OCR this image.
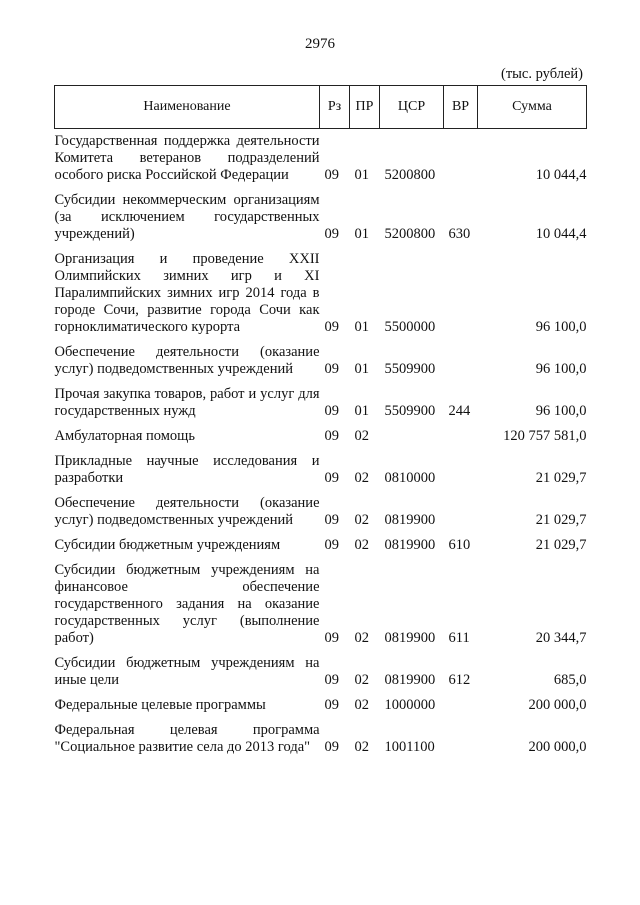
2976
(тыс. рублей)
Наименование	Рз	ПР	ЦСР	ВР	Сумма
Государственная поддержка деятельности Комитета ветеранов подразделений особого риска Российской Федерации	09	01	5200800		10 044,4
Субсидии некоммерческим организациям (за исключением государственных учреждений)	09	01	5200800	630	10 044,4
Организация и проведение XXII Олимпийских зимних игр и XI Паралимпийских зимних игр 2014 года в городе Сочи, развитие города Сочи как горноклиматического курорта	09	01	5500000		96 100,0
Обеспечение деятельности (оказание услуг) подведомственных учреждений	09	01	5509900		96 100,0
Прочая закупка товаров, работ и услуг для государственных нужд	09	01	5509900	244	96 100,0
Амбулаторная помощь	09	02			120 757 581,0
Прикладные научные исследования и разработки	09	02	0810000		21 029,7
Обеспечение деятельности (оказание услуг) подведомственных учреждений	09	02	0819900		21 029,7
Субсидии бюджетным учреждениям	09	02	0819900	610	21 029,7
Субсидии бюджетным учреждениям на финансовое обеспечение государственного задания на оказание государственных услуг (выполнение работ)	09	02	0819900	611	20 344,7
Субсидии бюджетным учреждениям на иные цели	09	02	0819900	612	685,0
Федеральные целевые программы	09	02	1000000		200 000,0
Федеральная целевая программа "Социальное развитие села до 2013 года"	09	02	1001100		200 000,0
